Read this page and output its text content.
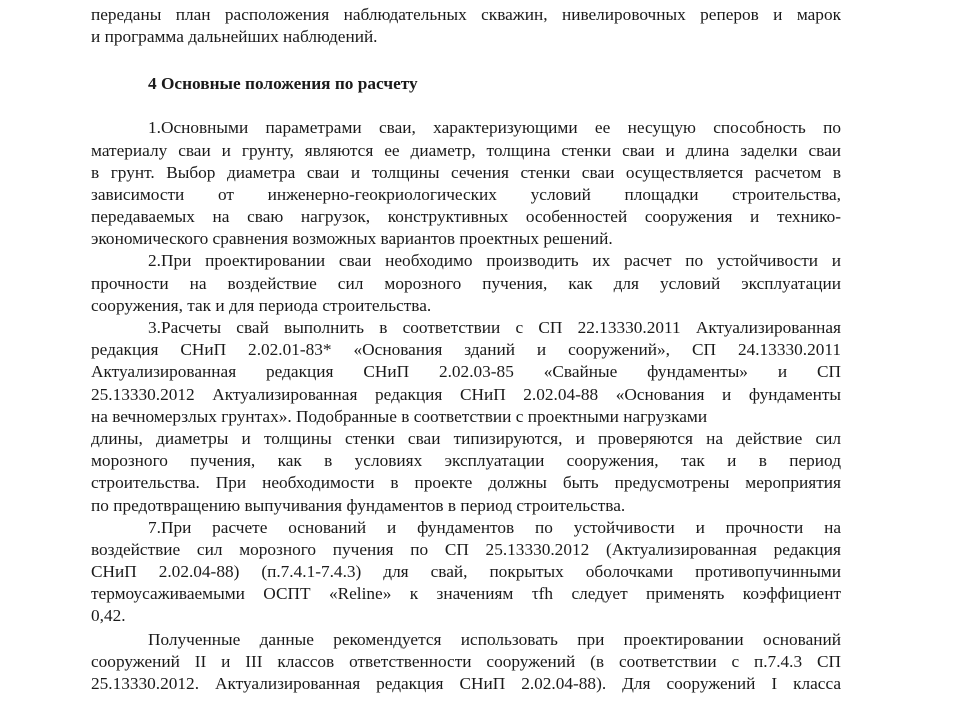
переданы план расположения наблюдательных скважин, нивелировочных реперов и марок
и программа дальнейших наблюдений.
4 Основные положения по расчету
1.Основными параметрами сваи, характеризующими ее несущую способность по
материалу сваи и грунту, являются ее диаметр, толщина стенки сваи и длина заделки сваи
в грунт. Выбор диаметра сваи и толщины сечения стенки сваи осуществляется расчетом в
зависимости от инженерно-геокриологических условий площадки строительства,
передаваемых на сваю нагрузок, конструктивных особенностей сооружения и технико-
экономического сравнения возможных вариантов проектных решений.
2.При проектировании сваи необходимо производить их расчет по устойчивости и
прочности на воздействие сил морозного пучения, как для условий эксплуатации
сооружения, так и для периода строительства.
3.Расчеты свай выполнить в соответствии с СП 22.13330.2011 Актуализированная
редакция СНиП 2.02.01-83* «Основания зданий и сооружений», СП 24.13330.2011
Актуализированная редакция СНиП 2.02.03-85 «Свайные фундаменты» и СП
25.13330.2012 Актуализированная редакция СНиП 2.02.04-88 «Основания и фундаменты
на вечномерзлых грунтах». Подобранные в соответствии с проектными нагрузками
длины, диаметры и толщины стенки сваи типизируются, и проверяются на действие сил
морозного пучения, как в условиях эксплуатации сооружения, так и в период
строительства. При необходимости в проекте должны быть предусмотрены мероприятия
по предотвращению выпучивания фундаментов в период строительства.
7.При расчете оснований и фундаментов по устойчивости и прочности на
воздействие сил морозного пучения по СП 25.13330.2012 (Актуализированная редакция
СНиП 2.02.04-88) (п.7.4.1-7.4.3) для свай, покрытых оболочками противопучинными
термоусаживаемыми ОСПТ «Reline» к значениям τfh следует применять коэффициент
0,42.
Полученные данные рекомендуется использовать при проектировании оснований
сооружений II и III классов ответственности сооружений (в соответствии с п.7.4.3 СП
25.13330.2012. Актуализированная редакция СНиП 2.02.04-88). Для сооружений I класса
